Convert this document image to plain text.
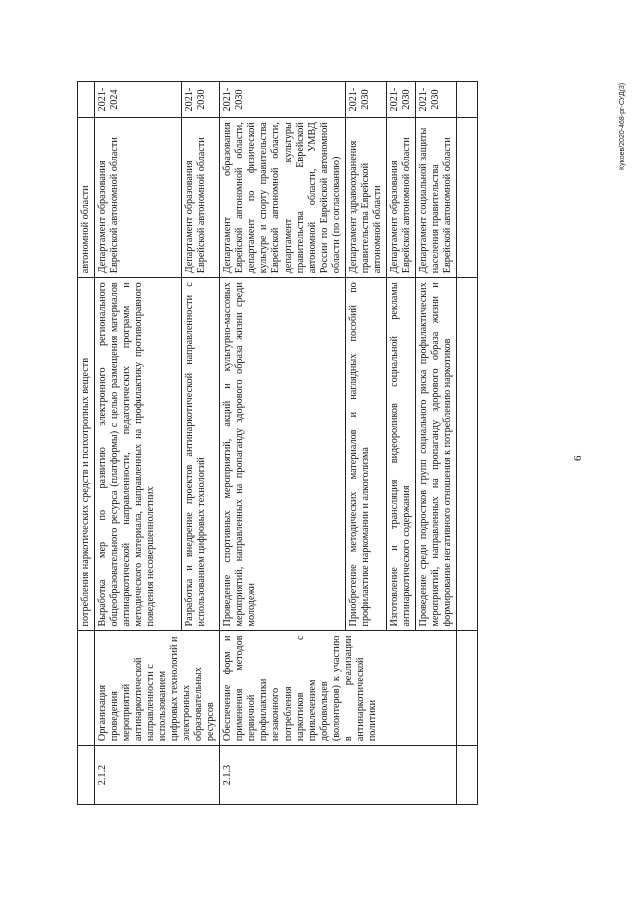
6
		потребления наркотических средств и психотропных веществ	автономной области	
2.1.2	Организация проведения мероприятий антинаркотической направленности с использованием цифровых технологий и электронных образовательных ресурсов	Выработка мер по развитию электронного регионального общеобразовательного ресурса (платформы) с целью размещения материалов антинаркотической направленности, педагогических программ и методического материала, направленных на профилактику противоправного поведения несовершеннолетних	Департамент образования Еврейской автономной области	2021-2024
		Разработка и внедрение проектов антинаркотической направленности с использованием цифровых технологий	Департамент образования Еврейской автономной области	2021-2030
2.1.3	Обеспечение форм и применения методов первичной профилактики незаконного потребления наркотиков с привлечением добровольцев (волонтеров) к участию в реализации антинаркотической политики	Проведение спортивных мероприятий, акций и культурно-массовых мероприятий, направленных на пропаганду здорового образа жизни среди молодежи	Департамент образования Еврейской автономной области, департамент по физической культуре и спорту правительства Еврейской автономной области, департамент культуры правительства Еврейской автономной области, УМВД России по Еврейской автономной области (по согласованию)	2021-2030
		Приобретение методических материалов и наглядных пособий по профилактике наркомании и алкоголизма	Департамент здравоохранения правительства Еврейской автономной области	2021-2030
		Изготовление и трансляция видеороликов социальной рекламы антинаркотического содержания	Департамент образования Еврейской автономной области	2021-2030
		Проведение среди подростков групп социального риска профилактических мероприятий, направленных на пропаганду здорового образа жизни и формирование негативного отношения к потреблению наркотиков	Департамент социальной защиты населения правительства Еврейской автономной области	2021-2030
					Кукоев/2020-468-рг-СУД(3)
